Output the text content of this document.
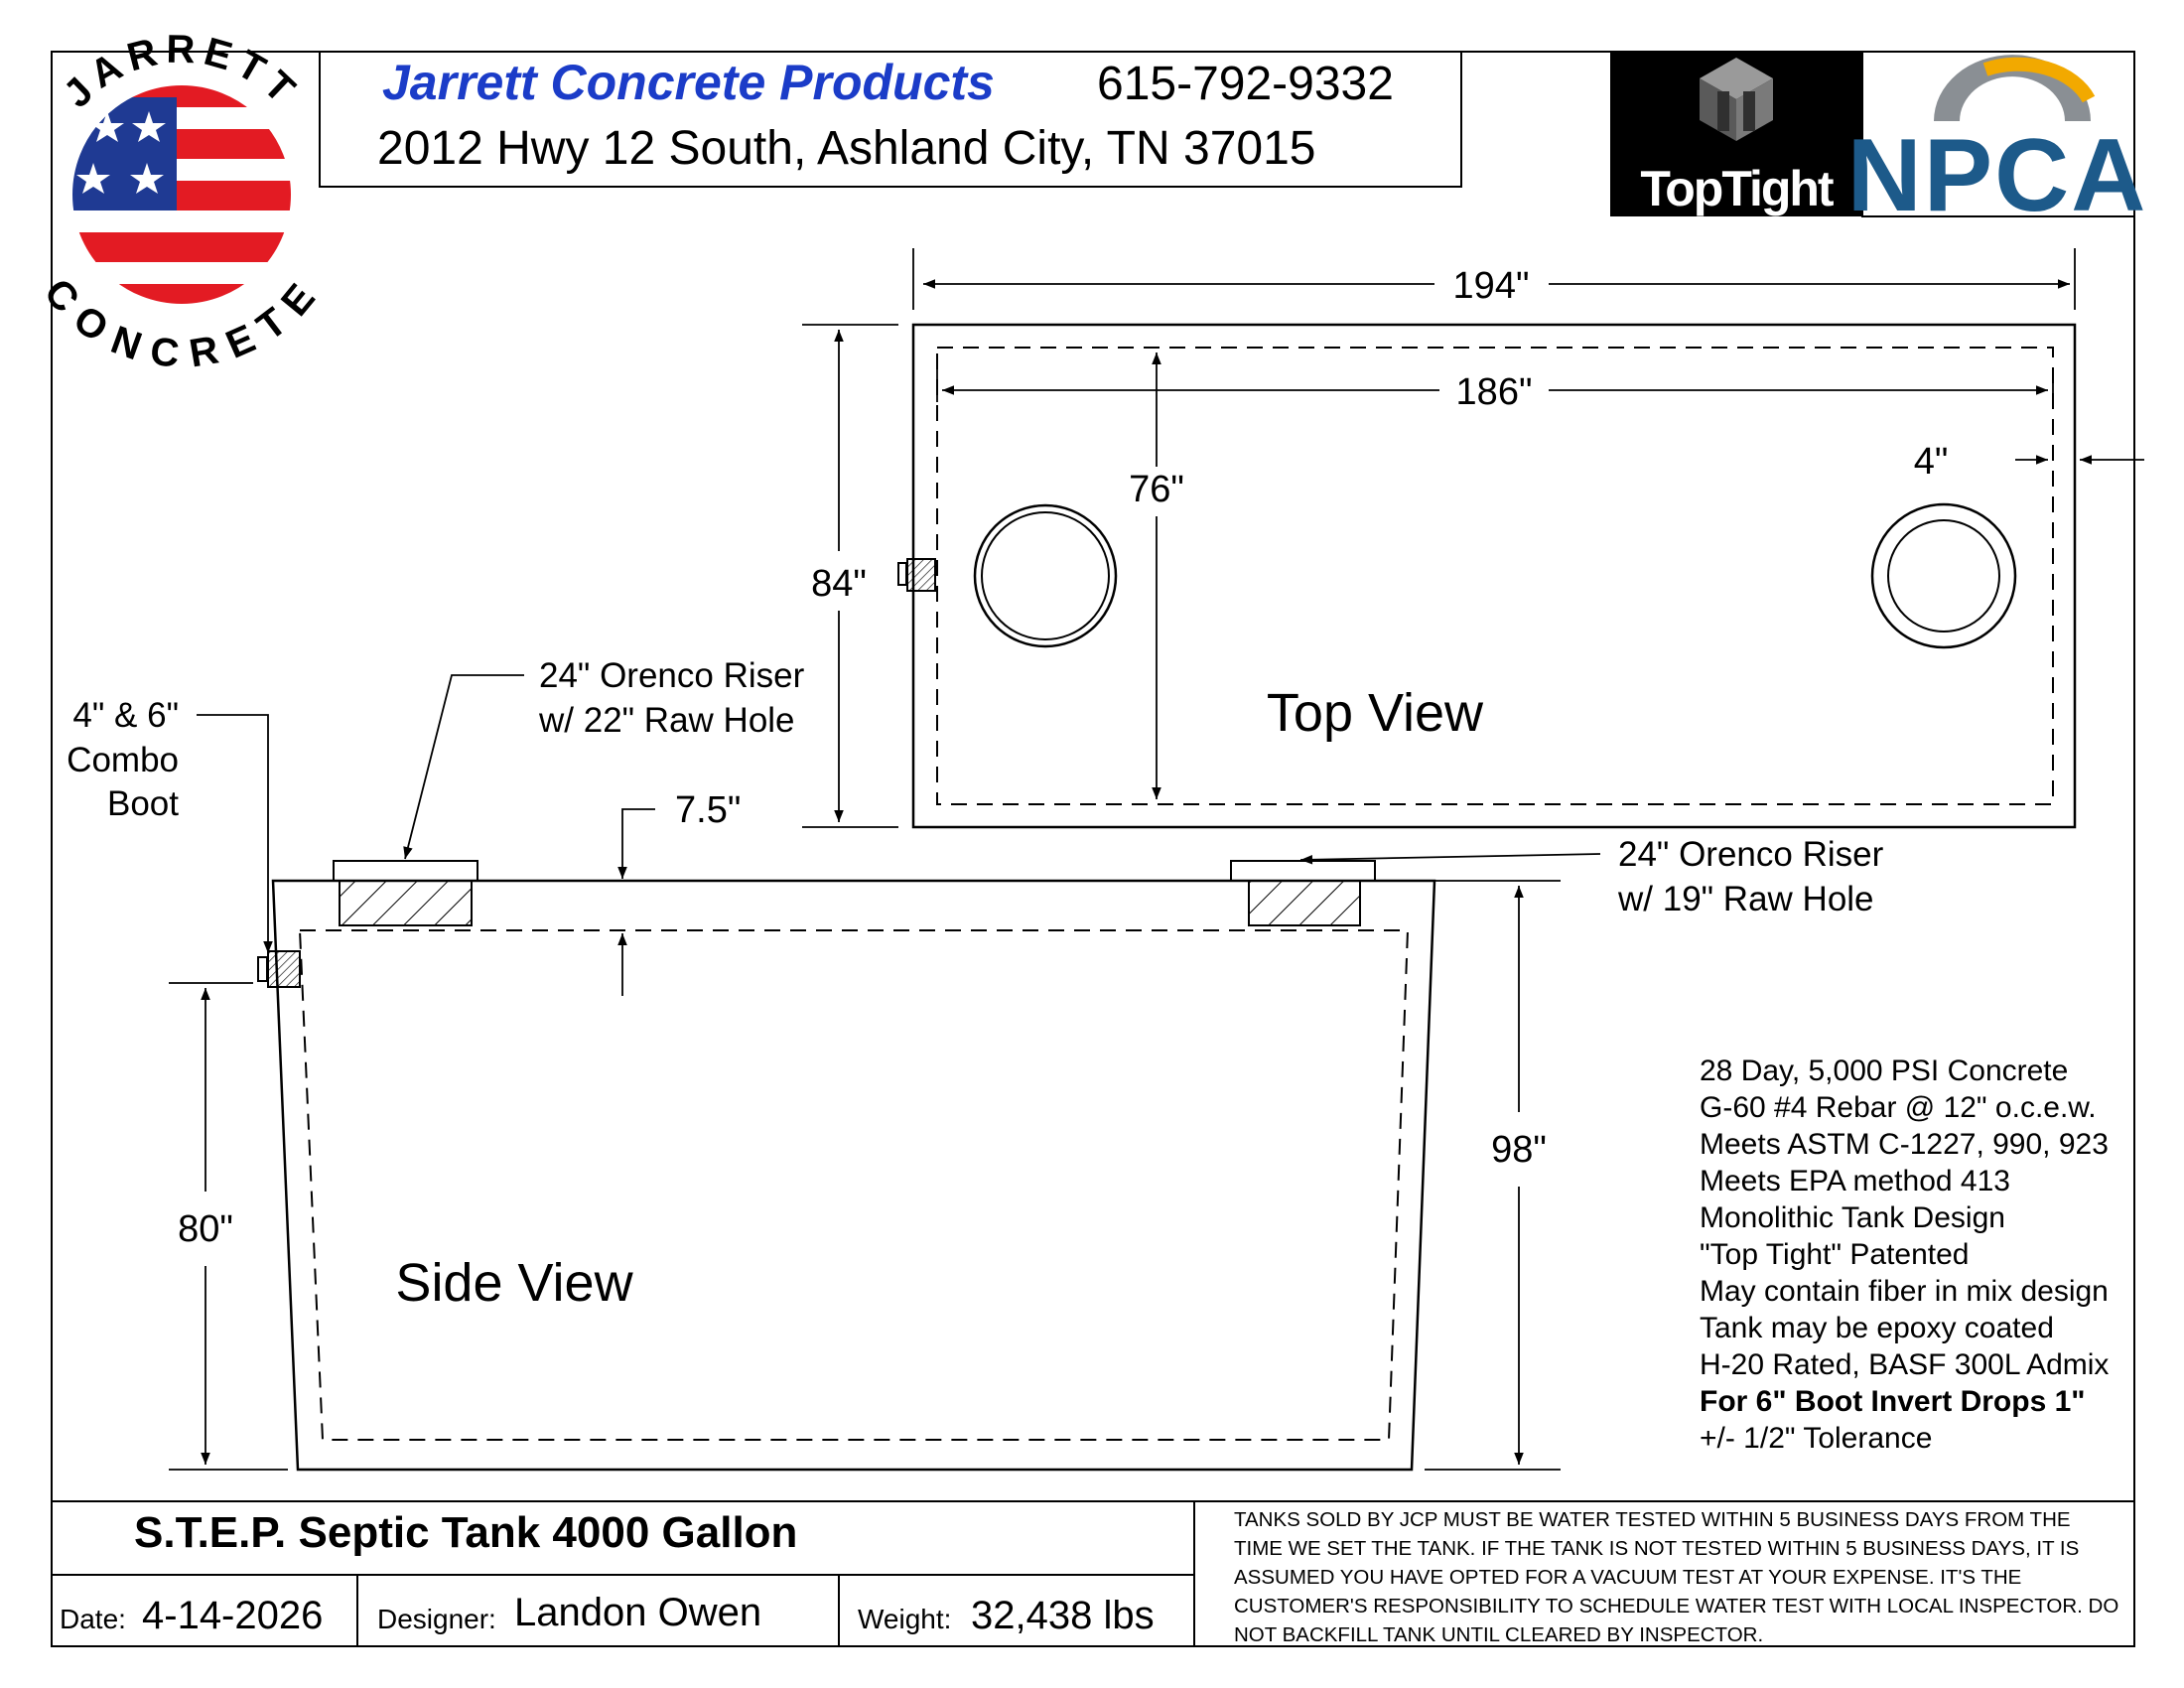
JARRETT
CONCRETE
Jarrett Concrete Products 615-792-9332
2012 Hwy 12 South, Ashland City, TN 37015
TopTight NPCA
194"
186"
76"
84"
4"
Top View
24" Orenco Riser
w/ 22" Raw Hole
24" Orenco Riser
w/ 19" Raw Hole
4" & 6"
Combo
Boot	7.5"
98"
80"
Side View
28 Day, 5,000 PSI Concrete
G-60 #4 Rebar @ 12" o.c.e.w.
Meets ASTM C-1227, 990, 923
Meets EPA method 413
Monolithic Tank Design
"Top Tight" Patented
May contain fiber in mix design
Tank may be epoxy coated
H-20 Rated, BASF 300L Admix
For 6" Boot Invert Drops 1"
+/- 1/2" Tolerance
S.T.E.P. Septic Tank 4000 Gallon
Date: 4-14-2026 Designer: Landon Owen	Weight: 32,438 lbs
TANKS SOLD BY JCP MUST BE WATER TESTED WITHIN 5 BUSINESS DAYS FROM THE
TIME WE SET THE TANK. IF THE TANK IS NOT TESTED WITHIN 5 BUSINESS DAYS, IT IS
ASSUMED YOU HAVE OPTED FOR A VACUUM TEST AT YOUR EXPENSE. IT'S THE
CUSTOMER'S RESPONSIBILITY TO SCHEDULE WATER TEST WITH LOCAL INSPECTOR. DO
NOT BACKFILL TANK UNTIL CLEARED BY INSPECTOR.
